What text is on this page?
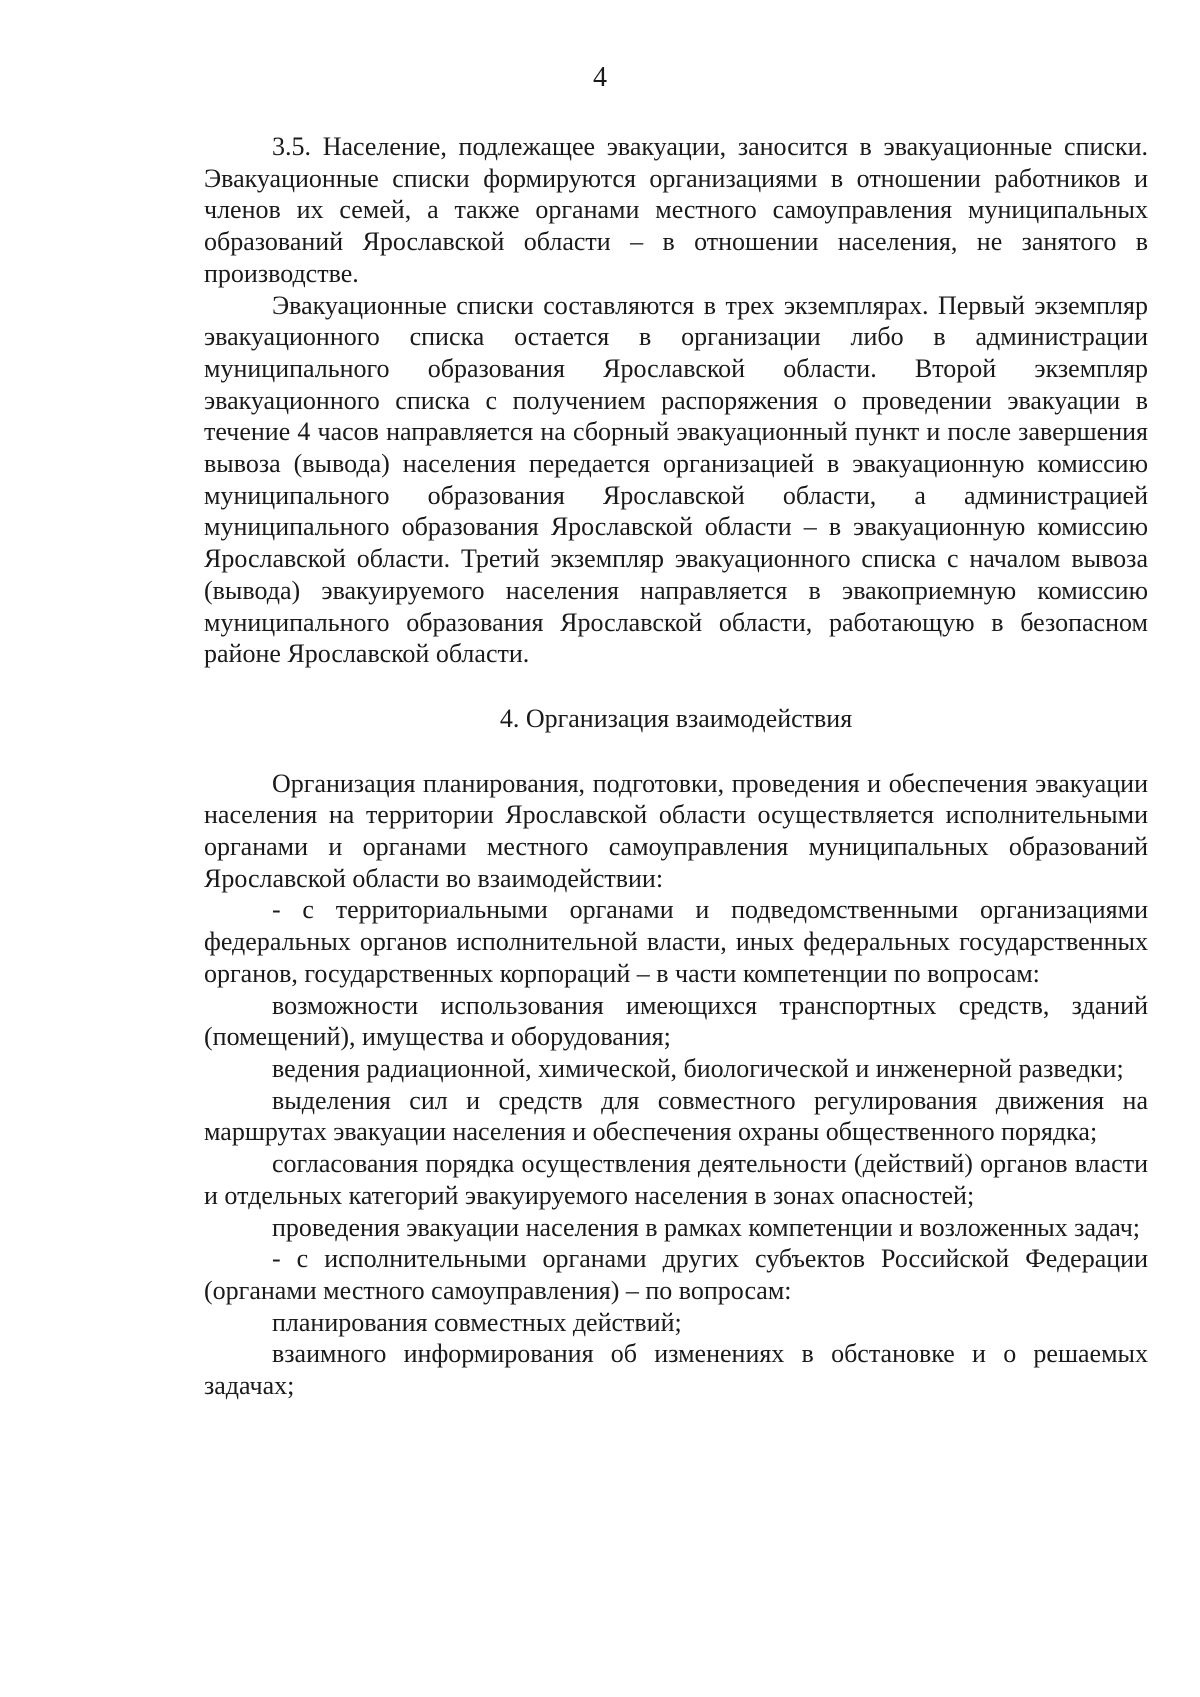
4

3.5. Население, подлежащее эвакуации, заносится в эвакуационные списки. Эвакуационные списки формируются организациями в отношении работников и членов их семей, а также органами местного самоуправления муниципальных образований Ярославской области – в отношении населения, не занятого в производстве.

Эвакуационные списки составляются в трех экземплярах. Первый экземпляр эвакуационного списка остается в организации либо в администрации муниципального образования Ярославской области. Второй экземпляр эвакуационного списка с получением распоряжения о проведении эвакуации в течение 4 часов направляется на сборный эвакуационный пункт и после завершения вывоза (вывода) населения передается организацией в эвакуационную комиссию муниципального образования Ярославской области, а администрацией муниципального образования Ярославской области – в эвакуационную комиссию Ярославской области. Третий экземпляр эвакуационного списка с началом вывоза (вывода) эвакуируемого населения направляется в эвакоприемную комиссию муниципального образования Ярославской области, работающую в безопасном районе Ярославской области.

4. Организация взаимодействия

Организация планирования, подготовки, проведения и обеспечения эвакуации населения на территории Ярославской области осуществляется исполнительными органами и органами местного самоуправления муниципальных образований Ярославской области во взаимодействии:

- с территориальными органами и подведомственными организациями федеральных органов исполнительной власти, иных федеральных государственных органов, государственных корпораций – в части компетенции по вопросам:

возможности использования имеющихся транспортных средств, зданий (помещений), имущества и оборудования;

ведения радиационной, химической, биологической и инженерной разведки;

выделения сил и средств для совместного регулирования движения на маршрутах эвакуации населения и обеспечения охраны общественного порядка;

согласования порядка осуществления деятельности (действий) органов власти и отдельных категорий эвакуируемого населения в зонах опасностей;

проведения эвакуации населения в рамках компетенции и возложенных задач;

- с исполнительными органами других субъектов Российской Федерации (органами местного самоуправления) – по вопросам:

планирования совместных действий;

взаимного информирования об изменениях в обстановке и о решаемых задачах;
